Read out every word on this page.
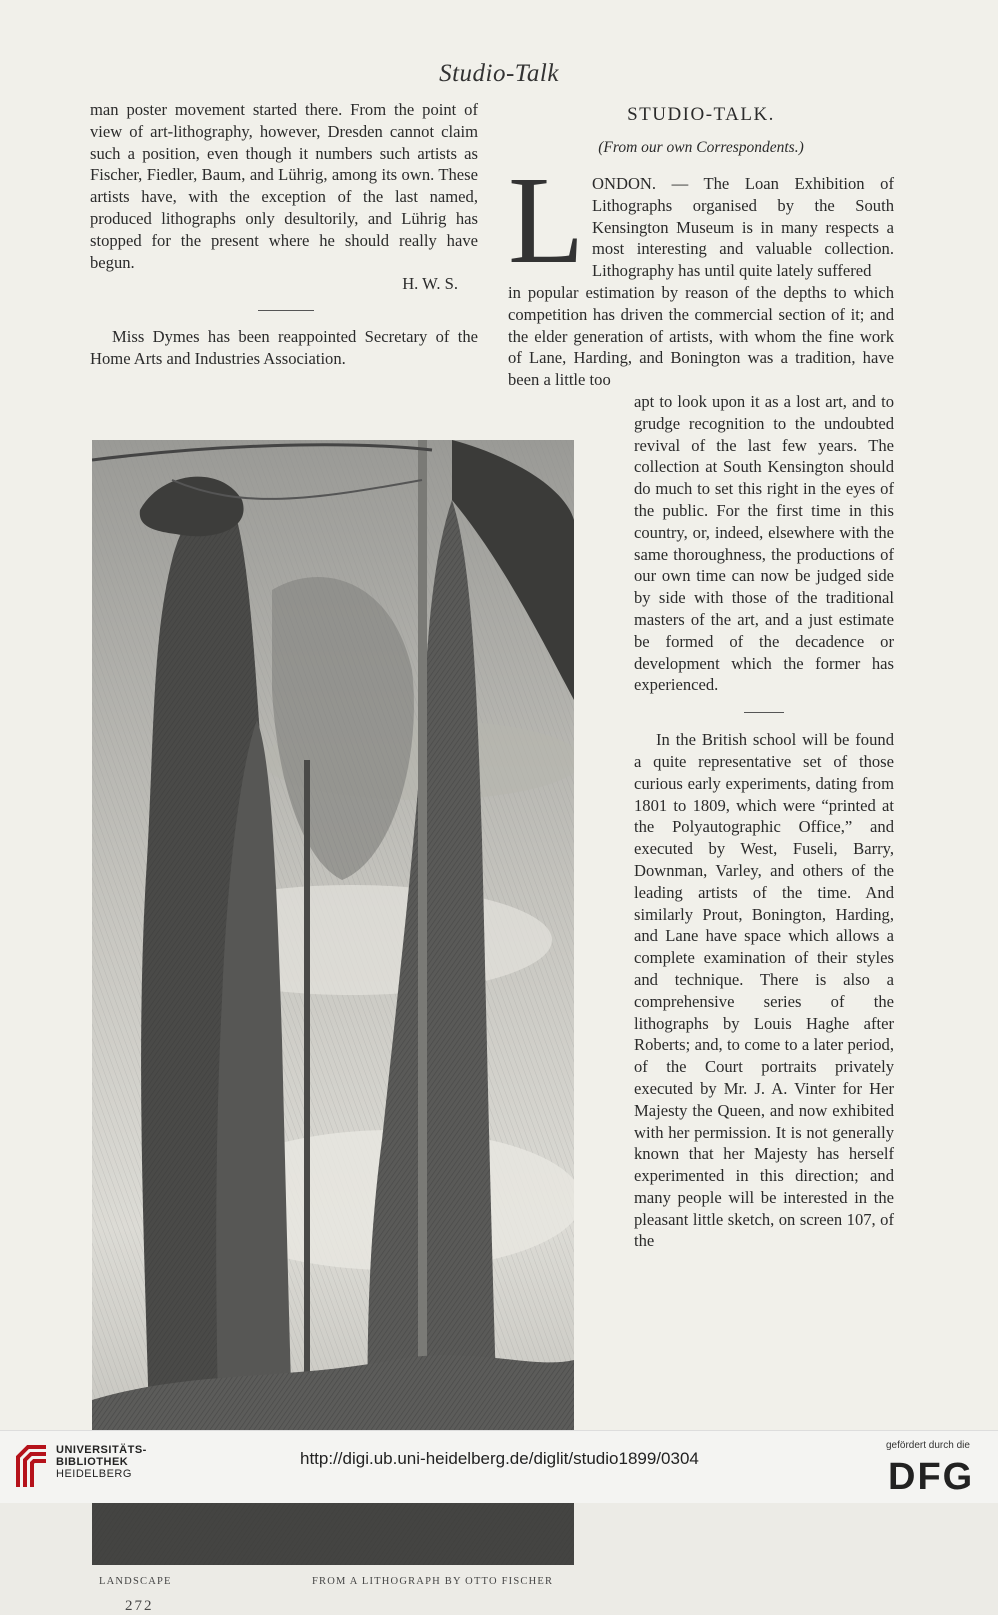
Studio-Talk

man poster movement started there. From the point of view of art-lithography, however, Dresden cannot claim such a position, even though it numbers such artists as Fischer, Fiedler, Baum, and Lührig, among its own. These artists have, with the exception of the last named, produced lithographs only desultorily, and Lührig has stopped for the present where he should really have begun.

H. W. S.

Miss Dymes has been reappointed Secretary of the Home Arts and Industries Association.

STUDIO-TALK.
(From our own Correspondents.)
L ONDON. — The Loan Exhibition of Lithographs organised by the South Kensington Museum is in many respects a most interesting and valuable collection. Lithography has until quite lately suffered

in popular estimation by reason of the depths to which competition has driven the commercial section of it; and the elder generation of artists, with whom the fine work of Lane, Harding, and Bonington was a tradition, have been a little too

apt to look upon it as a lost art, and to grudge recognition to the undoubted revival of the last few years. The collection at South Kensington should do much to set this right in the eyes of the public. For the first time in this country, or, indeed, elsewhere with the same thoroughness, the productions of our own time can now be judged side by side with those of the traditional masters of the art, and a just estimate be formed of the decadence or development which the former has experienced.

In the British school will be found a quite representative set of those curious early experiments, dating from 1801 to 1809, which were “printed at the Polyautographic Office,” and executed by West, Fuseli, Barry, Downman, Varley, and others of the leading artists of the time. And similarly Prout, Bonington, Harding, and Lane have space which allows a complete examination of their styles and technique. There is also a comprehensive series of the lithographs by Louis Haghe after Roberts; and, to come to a later period, of the Court portraits privately executed by Mr. J. A. Vinter for Her Majesty the Queen, and now exhibited with her permission. It is not generally known that her Majesty has herself experimented in this direction; and many people will be interested in the pleasant little sketch, on screen 107, of the

LANDSCAPE	FROM A LITHOGRAPH BY OTTO FISCHER
272
UNIVERSITÄTS-
BIBLIOTHEK
HEIDELBERG
http://digi.ub.uni-heidelberg.de/diglit/studio1899/0304
gefördert durch die
DFG
